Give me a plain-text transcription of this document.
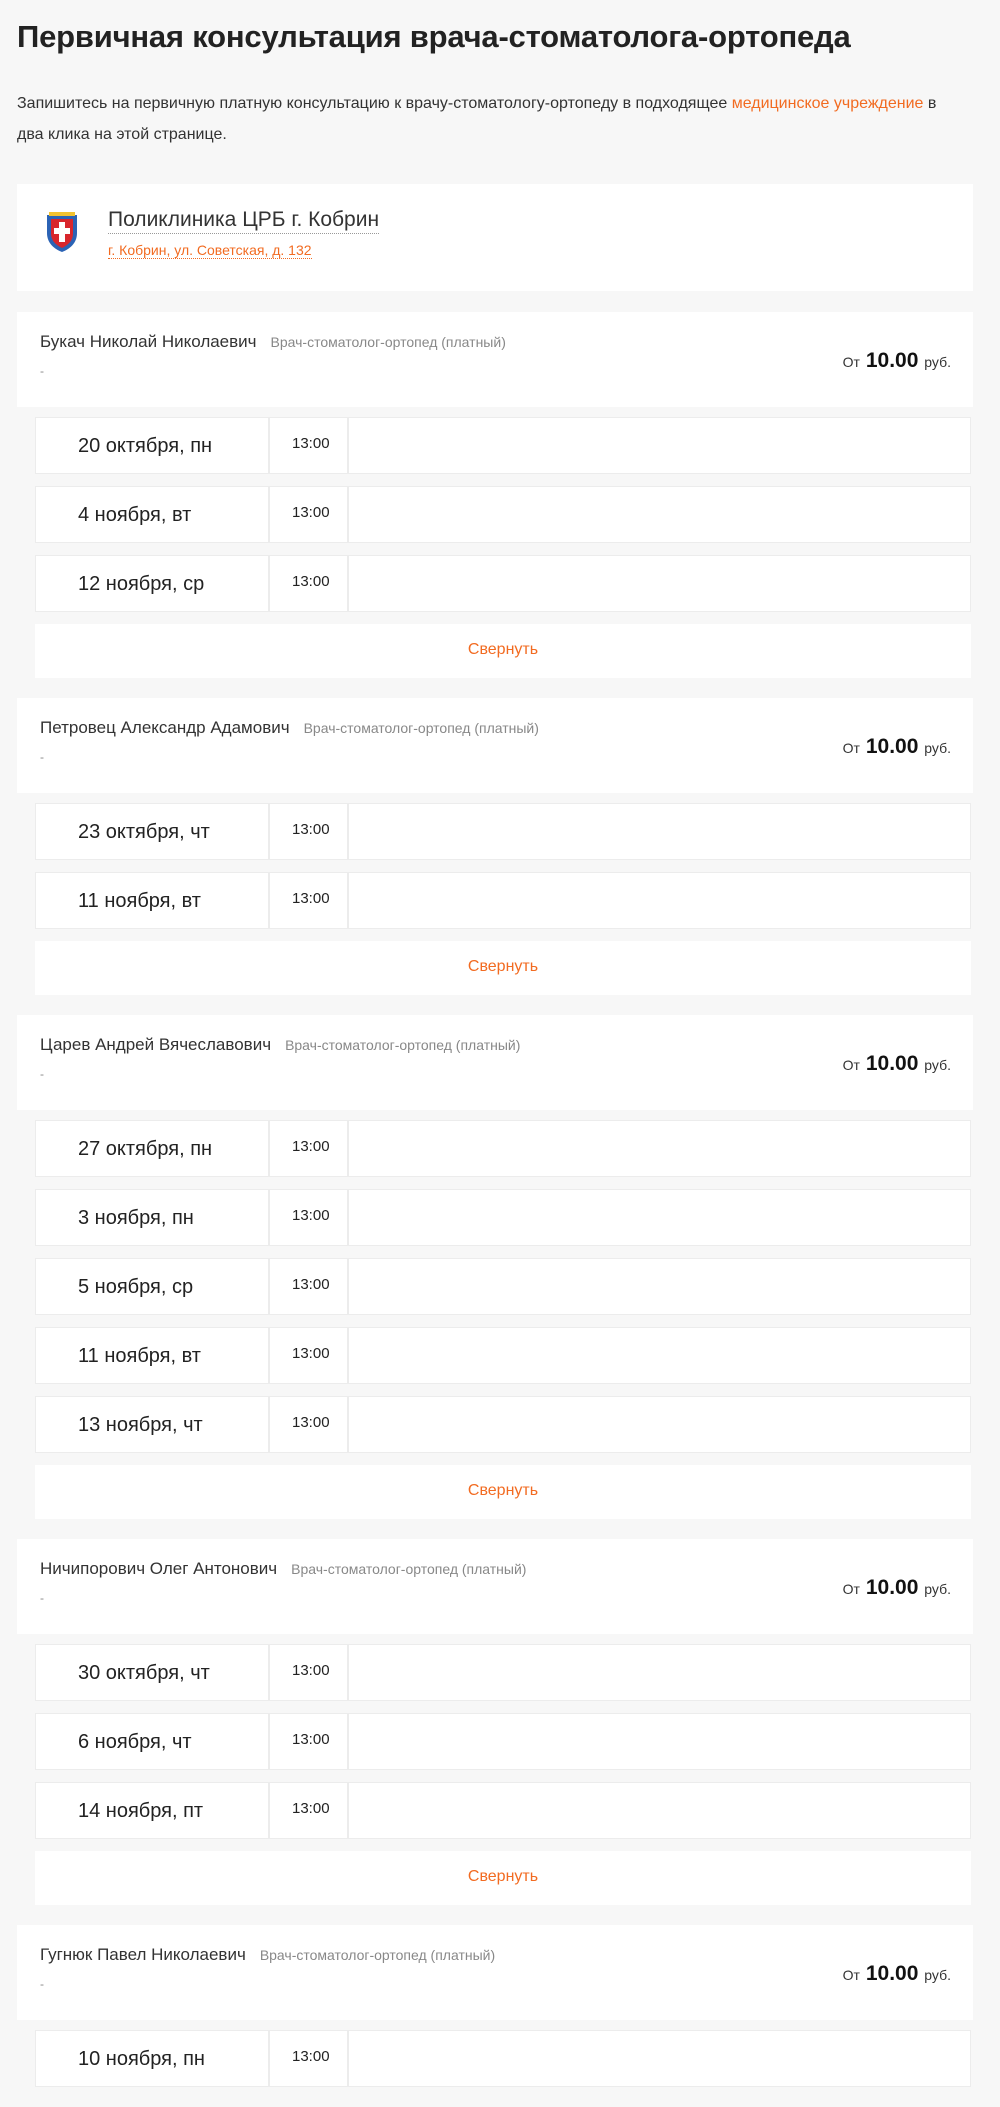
Первичная консультация врача-стоматолога-ортопеда

Запишитесь на первичную платную консультацию к врачу-стоматологу-ортопеду в подходящее медицинское учреждение в два клика на этой странице.

Поликлиника ЦРБ г. Кобрин
г. Кобрин, ул. Советская, д. 132
Букач Николай Николаевич Врач-стоматолог-ортопед (платный)
-
От 10.00 руб.
20 октября, пн	13:00
4 ноября, вт	13:00
12 ноября, ср	13:00
Свернуть
Петровец Александр Адамович Врач-стоматолог-ортопед (платный)
-
От 10.00 руб.
23 октября, чт	13:00
11 ноября, вт	13:00
Свернуть
Царев Андрей Вячеславович Врач-стоматолог-ортопед (платный)
-
От 10.00 руб.
27 октября, пн	13:00
3 ноября, пн	13:00
5 ноября, ср	13:00
11 ноября, вт	13:00
13 ноября, чт	13:00
Свернуть
Ничипорович Олег Антонович Врач-стоматолог-ортопед (платный)
-
От 10.00 руб.
30 октября, чт	13:00
6 ноября, чт	13:00
14 ноября, пт	13:00
Свернуть
Гугнюк Павел Николаевич Врач-стоматолог-ортопед (платный)
-
От 10.00 руб.
10 ноября, пн	13:00
